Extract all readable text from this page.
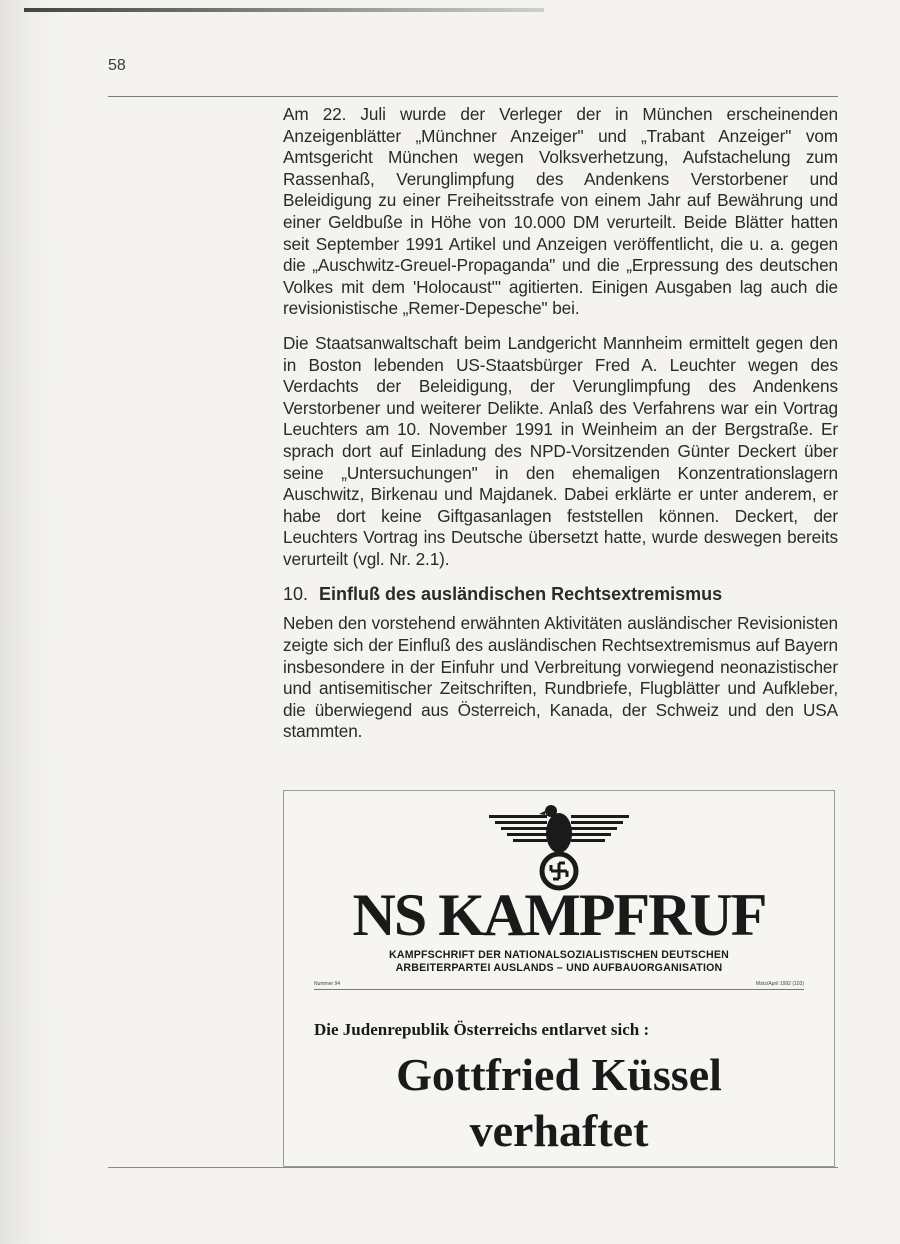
58

Am 22. Juli wurde der Verleger der in München erscheinenden Anzeigenblätter „Münchner Anzeiger" und „Trabant Anzeiger" vom Amtsgericht München wegen Volksverhetzung, Aufstachelung zum Rassenhaß, Verunglimpfung des Andenkens Verstorbener und Beleidigung zu einer Freiheitsstrafe von einem Jahr auf Bewährung und einer Geldbuße in Höhe von 10.000 DM verurteilt. Beide Blätter hatten seit September 1991 Artikel und Anzeigen veröffentlicht, die u. a. gegen die „Auschwitz-Greuel-Propaganda" und die „Erpressung des deutschen Volkes mit dem 'Holocaust'" agitierten. Einigen Ausgaben lag auch die revisionistische „Remer-Depesche" bei.

Die Staatsanwaltschaft beim Landgericht Mannheim ermittelt gegen den in Boston lebenden US-Staatsbürger Fred A. Leuchter wegen des Verdachts der Beleidigung, der Verunglimpfung des Andenkens Verstorbener und weiterer Delikte. Anlaß des Verfahrens war ein Vortrag Leuchters am 10. November 1991 in Weinheim an der Bergstraße. Er sprach dort auf Einladung des NPD-Vorsitzenden Günter Deckert über seine „Untersuchungen" in den ehemaligen Konzentrationslagern Auschwitz, Birkenau und Majdanek. Dabei erklärte er unter anderem, er habe dort keine Giftgasanlagen feststellen können. Deckert, der Leuchters Vortrag ins Deutsche übersetzt hatte, wurde deswegen bereits verurteilt (vgl. Nr. 2.1).

10. Einfluß des ausländischen Rechtsextremismus

Neben den vorstehend erwähnten Aktivitäten ausländischer Revisionisten zeigte sich der Einfluß des ausländischen Rechtsextremismus auf Bayern insbesondere in der Einfuhr und Verbreitung vorwiegend neonazistischer und antisemitischer Zeitschriften, Rundbriefe, Flugblätter und Aufkleber, die überwiegend aus Österreich, Kanada, der Schweiz und den USA stammten.

NS KAMPFRUF
KAMPFSCHRIFT DER NATIONALSOZIALISTISCHEN DEUTSCHEN
ARBEITERPARTEI AUSLANDS – UND AUFBAUORGANISATION
Nummer 94	März/April 1992 (103)
Die Judenrepublik Österreichs entlarvet sich :
Gottfried Küssel
verhaftet
